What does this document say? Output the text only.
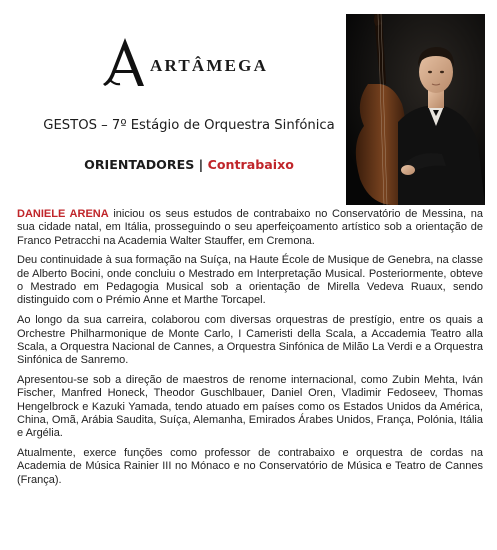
ARTÂMEGA
GESTOS – 7º Estágio de Orquestra Sinfónica
ORIENTADORES | Contrabaixo

DANIELE ARENA iniciou os seus estudos de contrabaixo no Conservatório de Messina, na sua cidade natal, em Itália, prosseguindo o seu aperfeiçoamento artístico sob a orientação de Franco Petracchi na Academia Walter Stauffer, em Cremona.

Deu continuidade à sua formação na Suíça, na Haute École de Musique de Genebra, na classe de Alberto Bocini, onde concluiu o Mestrado em Interpretação Musical. Posteriormente, obteve o Mestrado em Pedagogia Musical sob a orientação de Mirella Vedeva Ruaux, sendo distinguido com o Prémio Anne et Marthe Torcapel.

Ao longo da sua carreira, colaborou com diversas orquestras de prestígio, entre os quais a Orchestre Philharmonique de Monte Carlo, I Cameristi della Scala, a Accademia Teatro alla Scala, a Orquestra Nacional de Cannes, a Orquestra Sinfónica de Milão La Verdi e a Orquestra Sinfónica de Sanremo.

Apresentou-se sob a direção de maestros de renome internacional, como Zubin Mehta, Iván Fischer, Manfred Honeck, Theodor Guschlbauer, Daniel Oren, Vladimir Fedoseev, Thomas Hengelbrock e Kazuki Yamada, tendo atuado em países como os Estados Unidos da América, China, Omã, Arábia Saudita, Suíça, Alemanha, Emirados Árabes Unidos, França, Polónia, Itália e Argélia.

Atualmente, exerce funções como professor de contrabaixo e orquestra de cordas na Academia de Música Rainier III no Mónaco e no Conservatório de Música e Teatro de Cannes (França).
